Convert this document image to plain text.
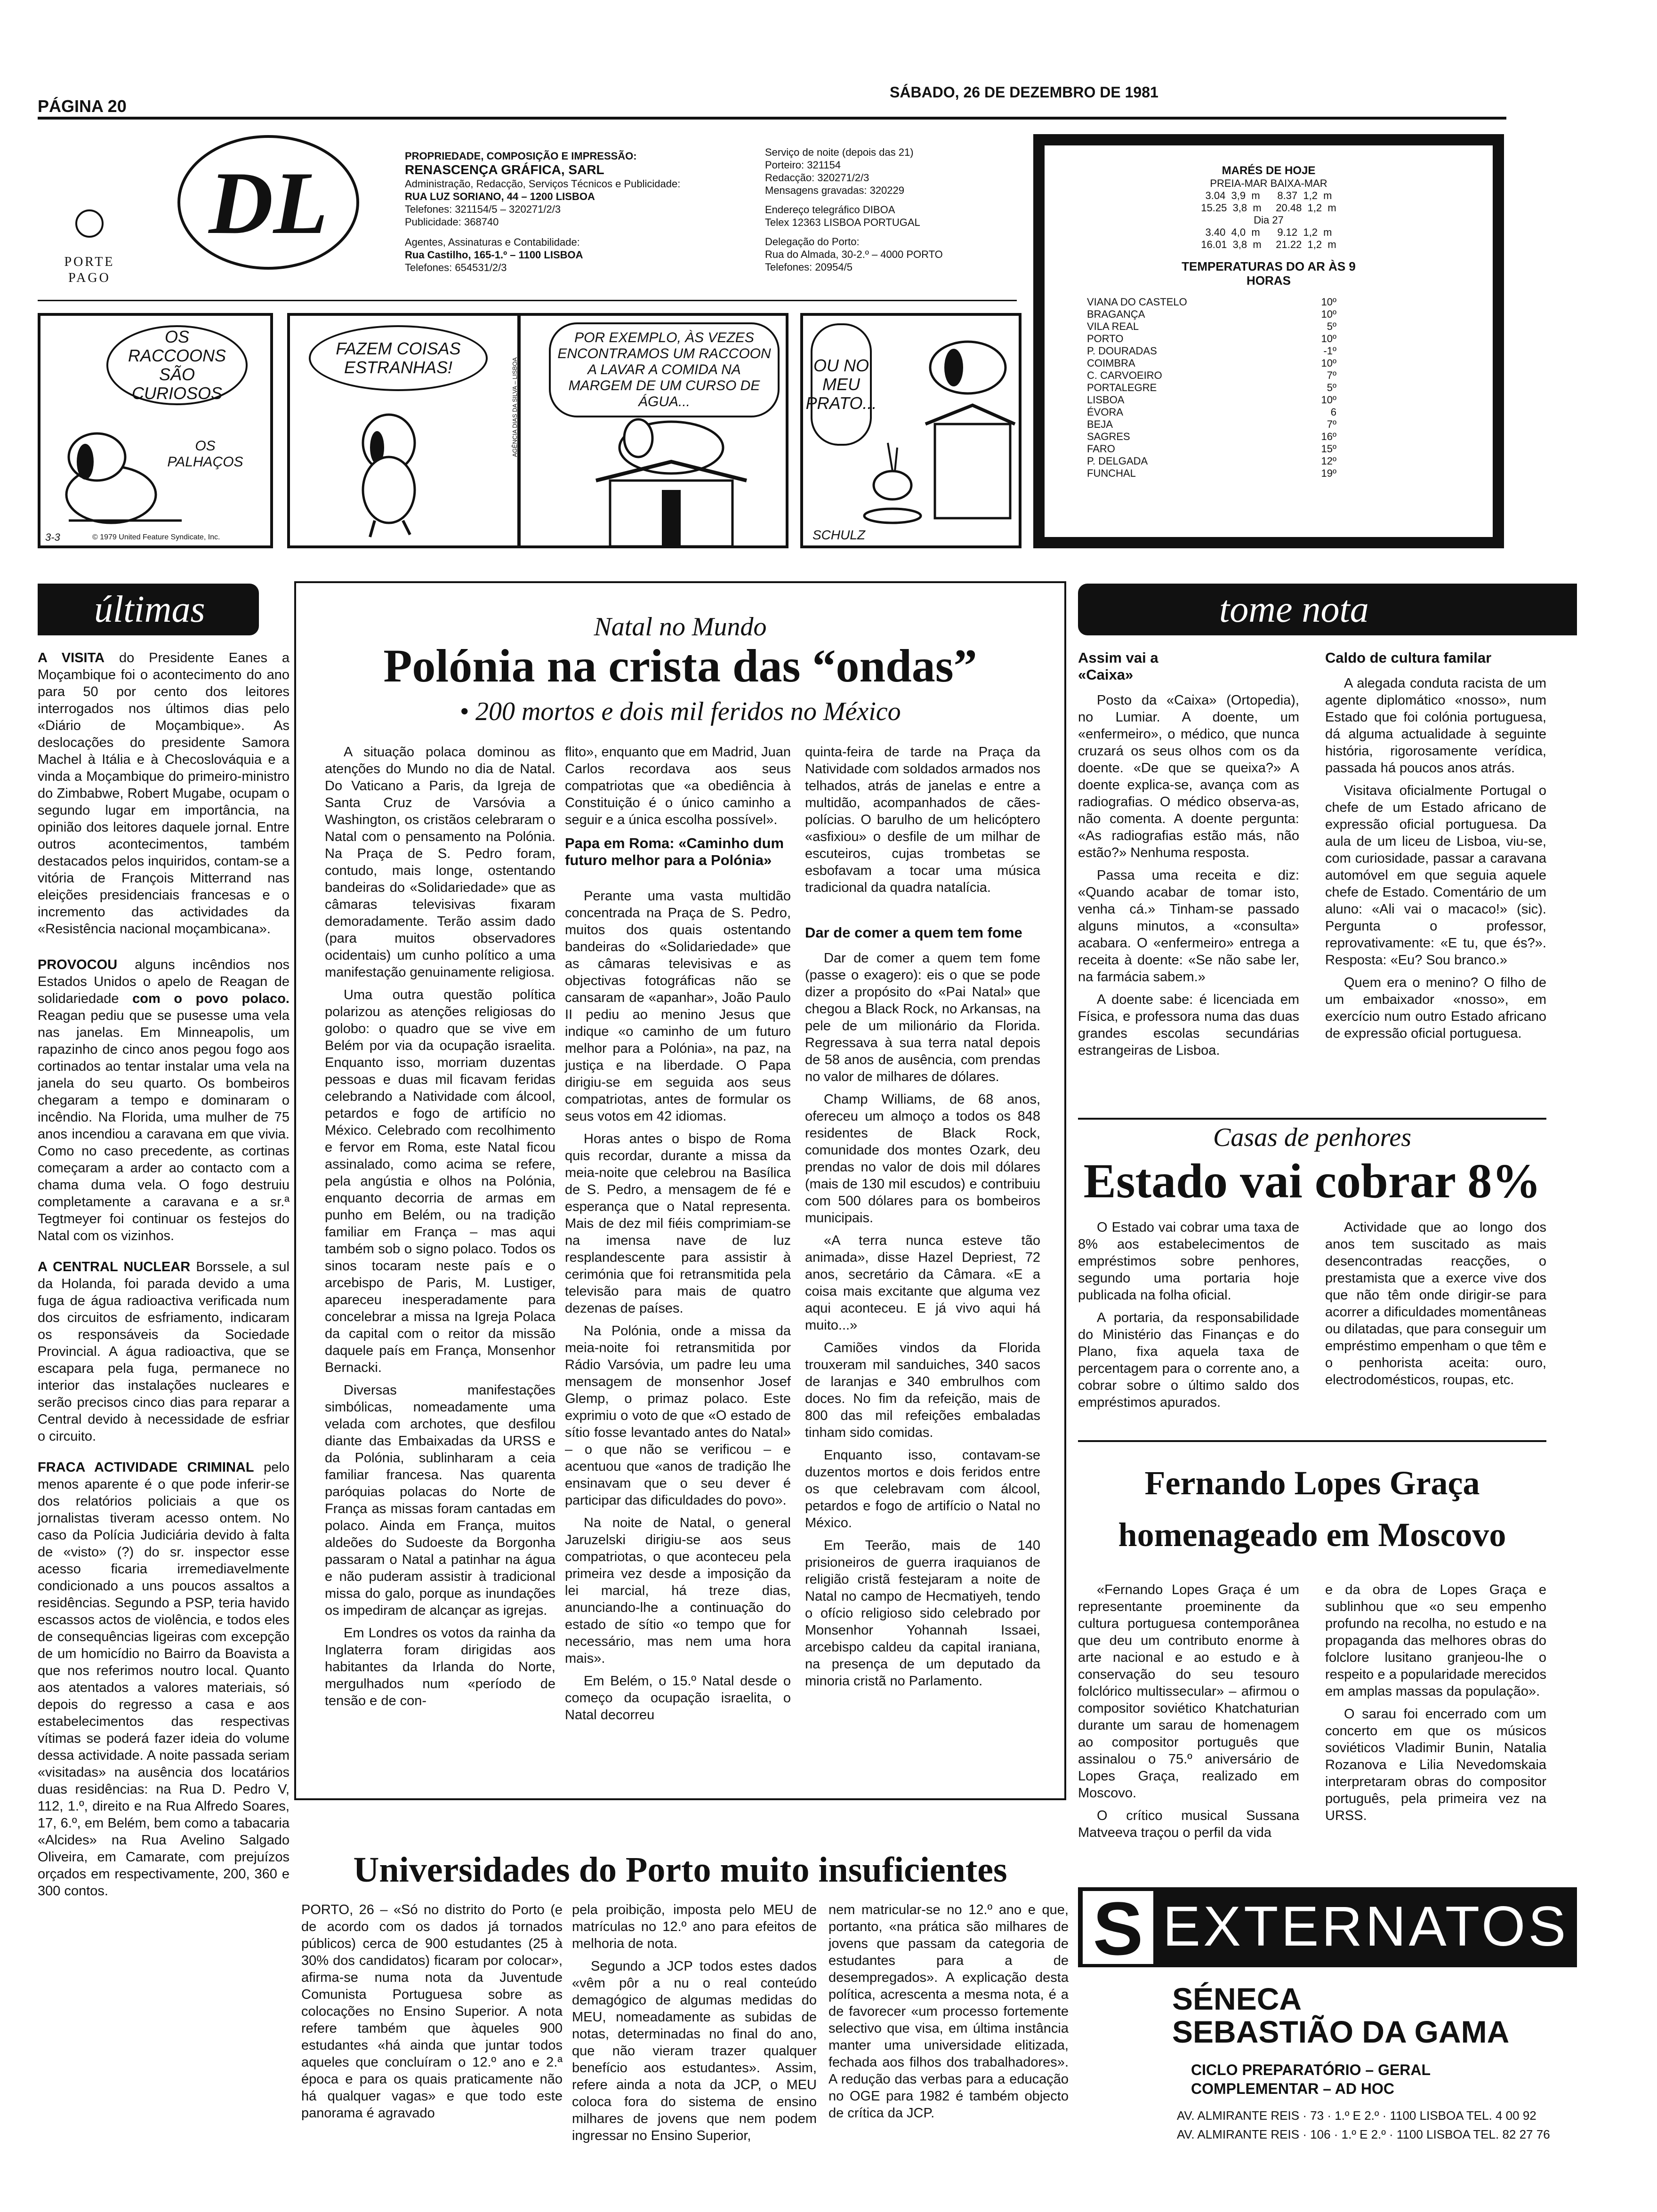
PÁGINA 20
SÁBADO, 26 DE DEZEMBRO DE 1981
DL
PORTE PAGO
PROPRIEDADE, COMPOSIÇÃO E IMPRESSÃO:
RENASCENÇA GRÁFICA, SARL
Administração, Redacção, Serviços Técnicos e Publicidade:
RUA LUZ SORIANO, 44 – 1200 LISBOA
Telefones: 321154/5 – 320271/2/3
Publicidade: 368740
Agentes, Assinaturas e Contabilidade:
Rua Castilho, 165-1.º – 1100 LISBOA
Telefones: 654531/2/3
Serviço de noite (depois das 21)
Porteiro: 321154
Redacção: 320271/2/3
Mensagens gravadas: 320229
Endereço telegráfico DIBOA
Telex 12363 LISBOA PORTUGAL
Delegação do Porto:
Rua do Almada, 30-2.º – 4000 PORTO
Telefones: 20954/5
MARÉS DE HOJE
PREIA-MAR BAIXA-MAR
3.04  3,9  m      8.37  1,2  m
15.25  3,8  m     20.48  1,2  m
Dia 27
3.40  4,0  m      9.12  1,2  m
16.01  3,8  m     21.22  1,2  m
TEMPERATURAS DO AR ÀS 9 HORAS
VIANA DO CASTELO	10º
BRAGANÇA	10º
VILA REAL	5º
PORTO	10º
P. DOURADAS	-1º
COIMBRA	10º
C. CARVOEIRO	7º
PORTALEGRE	5º
LISBOA	10º
ÉVORA	6
BEJA	7º
SAGRES	16º
FARO	15º
P. DELGADA	12º
FUNCHAL	19º
OS RACCOONS SÃO CURIOSOS
OS PALHAÇOS
3-3	© 1979 United Feature Syndicate, Inc.
FAZEM COISAS ESTRANHAS!
POR EXEMPLO, ÀS VEZES ENCONTRAMOS UM RACCOON A LAVAR A COMIDA NA MARGEM DE UM CURSO DE ÁGUA...
AGÊNCIA DIAS DA SILVA – LISBOA	OU NO MEU PRATO...
SCHULZ
últimas

A VISITA do Presidente Eanes a Moçambique foi o acontecimento do ano para 50 por cento dos leitores interrogados nos últimos dias pelo «Diário de Moçambique». As deslocações do presidente Samora Machel à Itália e à Checoslováquia e a vinda a Moçambique do primeiro-ministro do Zimbabwe, Robert Mugabe, ocupam o segundo lugar em importância, na opinião dos leitores daquele jornal. Entre outros acontecimentos, também destacados pelos inquiridos, contam-se a vitória de François Mitterrand nas eleições presidenciais francesas e o incremento das actividades da «Resistência nacional moçambicana».

PROVOCOU alguns incêndios nos Estados Unidos o apelo de Reagan de solidariedade com o povo polaco. Reagan pediu que se pusesse uma vela nas janelas. Em Minneapolis, um rapazinho de cinco anos pegou fogo aos cortinados ao tentar instalar uma vela na janela do seu quarto. Os bombeiros chegaram a tempo e dominaram o incêndio. Na Florida, uma mulher de 75 anos incendiou a caravana em que vivia. Como no caso precedente, as cortinas começaram a arder ao contacto com a chama duma vela. O fogo destruiu completamente a caravana e a sr.ª Tegtmeyer foi continuar os festejos do Natal com os vizinhos.

A CENTRAL NUCLEAR Borssele, a sul da Holanda, foi parada devido a uma fuga de água radioactiva verificada num dos circuitos de esfriamento, indicaram os responsáveis da Sociedade Provincial. A água radioactiva, que se escapara pela fuga, permanece no interior das instalações nucleares e serão precisos cinco dias para reparar a Central devido à necessidade de esfriar o circuito.

FRACA ACTIVIDADE CRIMINAL pelo menos aparente é o que pode inferir-se dos relatórios policiais a que os jornalistas tiveram acesso ontem. No caso da Polícia Judiciária devido à falta de «visto» (?) do sr. inspector esse acesso ficaria irremediavelmente condicionado a uns poucos assaltos a residências. Segundo a PSP, teria havido escassos actos de violência, e todos eles de consequências ligeiras com excepção de um homicídio no Bairro da Boavista a que nos referimos noutro local. Quanto aos atentados a valores materiais, só depois do regresso a casa e aos estabelecimentos das respectivas vítimas se poderá fazer ideia do volume dessa actividade. A noite passada seriam «visitadas» na ausência dos locatários duas residências: na Rua D. Pedro V, 112, 1.º, direito e na Rua Alfredo Soares, 17, 6.º, em Belém, bem como a tabacaria «Alcides» na Rua Avelino Salgado Oliveira, em Camarate, com prejuízos orçados em respectivamente, 200, 360 e 300 contos.

Natal no Mundo
Polónia na crista das “ondas”
• 200 mortos e dois mil feridos no México

A situação polaca dominou as atenções do Mundo no dia de Natal. Do Vaticano a Paris, da Igreja de Santa Cruz de Varsóvia a Washington, os cristãos celebraram o Natal com o pensamento na Polónia. Na Praça de S. Pedro foram, contudo, mais longe, ostentando bandeiras do «Solidariedade» que as câmaras televisivas fixaram demoradamente. Terão assim dado (para muitos observadores ocidentais) um cunho político a uma manifestação genuinamente religiosa.

Uma outra questão política polarizou as atenções religiosas do golobo: o quadro que se vive em Belém por via da ocupação israelita. Enquanto isso, morriam duzentas pessoas e duas mil ficavam feridas celebrando a Natividade com álcool, petardos e fogo de artifício no México. Celebrado com recolhimento e fervor em Roma, este Natal ficou assinalado, como acima se refere, pela angústia e olhos na Polónia, enquanto decorria de armas em punho em Belém, ou na tradição familiar em França – mas aqui também sob o signo polaco. Todos os sinos tocaram neste país e o arcebispo de Paris, M. Lustiger, apareceu inesperadamente para concelebrar a missa na Igreja Polaca da capital com o reitor da missão daquele país em França, Monsenhor Bernacki.

Diversas manifestações simbólicas, nomeadamente uma velada com archotes, que desfilou diante das Embaixadas da URSS e da Polónia, sublinharam a ceia familiar francesa. Nas quarenta paróquias polacas do Norte de França as missas foram cantadas em polaco. Ainda em França, muitos aldeões do Sudoeste da Borgonha passaram o Natal a patinhar na água e não puderam assistir à tradicional missa do galo, porque as inundações os impediram de alcançar as igrejas.

Em Londres os votos da rainha da Inglaterra foram dirigidas aos habitantes da Irlanda do Norte, mergulhados num «período de tensão e de con-

flito», enquanto que em Madrid, Juan Carlos recordava aos seus compatriotas que «a obediência à Constituição é o único caminho a seguir e a única escolha possível».

Papa em Roma: «Caminho dum futuro melhor para a Polónia»

Perante uma vasta multidão concentrada na Praça de S. Pedro, muitos dos quais ostentando bandeiras do «Solidariedade» que as câmaras televisivas e as objectivas fotográficas não se cansaram de «apanhar», João Paulo II pediu ao menino Jesus que indique «o caminho de um futuro melhor para a Polónia», na paz, na justiça e na liberdade. O Papa dirigiu-se em seguida aos seus compatriotas, antes de formular os seus votos em 42 idiomas.

Horas antes o bispo de Roma quis recordar, durante a missa da meia-noite que celebrou na Basílica de S. Pedro, a mensagem de fé e esperança que o Natal representa. Mais de dez mil fiéis comprimiam-se na imensa nave de luz resplandescente para assistir à cerimónia que foi retransmitida pela televisão para mais de quatro dezenas de países.

Na Polónia, onde a missa da meia-noite foi retransmitida por Rádio Varsóvia, um padre leu uma mensagem de monsenhor Josef Glemp, o primaz polaco. Este exprimiu o voto de que «O estado de sítio fosse levantado antes do Natal» – o que não se verificou – e acentuou que «anos de tradição lhe ensinavam que o seu dever é participar das dificuldades do povo».

Na noite de Natal, o general Jaruzelski dirigiu-se aos seus compatriotas, o que aconteceu pela primeira vez desde a imposição da lei marcial, há treze dias, anunciando-lhe a continuação do estado de sítio «o tempo que for necessário, mas nem uma hora mais».

Em Belém, o 15.º Natal desde o começo da ocupação israelita, o Natal decorreu

quinta-feira de tarde na Praça da Natividade com soldados armados nos telhados, atrás de janelas e entre a multidão, acompanhados de cães-polícias. O barulho de um helicóptero «asfixiou» o desfile de um milhar de escuteiros, cujas trombetas se esbofavam a tocar uma música tradicional da quadra natalícia.

Dar de comer a quem tem fome

Dar de comer a quem tem fome (passe o exagero): eis o que se pode dizer a propósito do «Pai Natal» que chegou a Black Rock, no Arkansas, na pele de um milionário da Florida. Regressava à sua terra natal depois de 58 anos de ausência, com prendas no valor de milhares de dólares.

Champ Williams, de 68 anos, ofereceu um almoço a todos os 848 residentes de Black Rock, comunidade dos montes Ozark, deu prendas no valor de dois mil dólares (mais de 130 mil escudos) e contribuiu com 500 dólares para os bombeiros municipais.

«A terra nunca esteve tão animada», disse Hazel Depriest, 72 anos, secretário da Câmara. «E a coisa mais excitante que alguma vez aqui aconteceu. E já vivo aqui há muito...»

Camiões vindos da Florida trouxeram mil sanduiches, 340 sacos de laranjas e 340 embrulhos com doces. No fim da refeição, mais de 800 das mil refeições embaladas tinham sido comidas.

Enquanto isso, contavam-se duzentos mortos e dois feridos entre os que celebravam com álcool, petardos e fogo de artifício o Natal no México.

Em Teerão, mais de 140 prisioneiros de guerra iraquianos de religião cristã festejaram a noite de Natal no campo de Hecmatiyeh, tendo o ofício religioso sido celebrado por Monsenhor Yohannah Issaei, arcebispo caldeu da capital iraniana, na presença de um deputado da minoria cristã no Parlamento.

tome nota
Assim vai a «Caixa»

Posto da «Caixa» (Ortopedia), no Lumiar. A doente, um «enfermeiro», o médico, que nunca cruzará os seus olhos com os da doente. «De que se queixa?» A doente explica-se, avança com as radiografias. O médico observa-as, não comenta. A doente pergunta: «As radiografias estão más, não estão?» Nenhuma resposta.

Passa uma receita e diz: «Quando acabar de tomar isto, venha cá.» Tinham-se passado alguns minutos, a «consulta» acabara. O «enfermeiro» entrega a receita à doente: «Se não sabe ler, na farmácia sabem.»

A doente sabe: é licenciada em Física, e professora numa das duas grandes escolas secundárias estrangeiras de Lisboa.

Caldo de cultura familar

A alegada conduta racista de um agente diplomático «nosso», num Estado que foi colónia portuguesa, dá alguma actualidade à seguinte história, rigorosamente verídica, passada há poucos anos atrás.

Visitava oficialmente Portugal o chefe de um Estado africano de expressão oficial portuguesa. Da aula de um liceu de Lisboa, viu-se, com curiosidade, passar a caravana automóvel em que seguia aquele chefe de Estado. Comentário de um aluno: «Ali vai o macaco!» (sic). Pergunta o professor, reprovativamente: «E tu, que és?». Resposta: «Eu? Sou branco.»

Quem era o menino? O filho de um embaixador «nosso», em exercício num outro Estado africano de expressão oficial portuguesa.

Casas de penhores
Estado vai cobrar 8%

O Estado vai cobrar uma taxa de 8% aos estabelecimentos de empréstimos sobre penhores, segundo uma portaria hoje publicada na folha oficial.

A portaria, da responsabilidade do Ministério das Finanças e do Plano, fixa aquela taxa de percentagem para o corrente ano, a cobrar sobre o último saldo dos empréstimos apurados.

Actividade que ao longo dos anos tem suscitado as mais desencontradas reacções, o prestamista que a exerce vive dos que não têm onde dirigir-se para acorrer a dificuldades momentâneas ou dilatadas, que para conseguir um empréstimo empenham o que têm e o penhorista aceita: ouro, electrodomésticos, roupas, etc.

Fernando Lopes Graça
homenageado em Moscovo

«Fernando Lopes Graça é um representante proeminente da cultura portuguesa contemporânea que deu um contributo enorme à arte nacional e ao estudo e à conservação do seu tesouro folclórico multissecular» – afirmou o compositor soviético Khatchaturian durante um sarau de homenagem ao compositor português que assinalou o 75.º aniversário de Lopes Graça, realizado em Moscovo.

O crítico musical Sussana Matveeva traçou o perfil da vida

e da obra de Lopes Graça e sublinhou que «o seu empenho profundo na recolha, no estudo e na propaganda das melhores obras do folclore lusitano granjeou-lhe o respeito e a popularidade merecidos em amplas massas da população».

O sarau foi encerrado com um concerto em que os músicos soviéticos Vladimir Bunin, Natalia Rozanova e Lilia Nevedomskaia interpretaram obras do compositor português, pela primeira vez na URSS.

Universidades do Porto muito insuficientes

PORTO, 26 – «Só no distrito do Porto (e de acordo com os dados já tornados públicos) cerca de 900 estudantes (25 à 30% dos candidatos) ficaram por colocar», afirma-se numa nota da Juventude Comunista Portuguesa sobre as colocações no Ensino Superior. A nota refere também que àqueles 900 estudantes «há ainda que juntar todos aqueles que concluíram o 12.º ano e 2.ª época e para os quais praticamente não há qualquer vagas» e que todo este panorama é agravado

pela proibição, imposta pelo MEU de matrículas no 12.º ano para efeitos de melhoria de nota.

Segundo a JCP todos estes dados «vêm pôr a nu o real conteúdo demagógico de algumas medidas do MEU, nomeadamente as subidas de notas, determinadas no final do ano, que não vieram trazer qualquer benefício aos estudantes». Assim, refere ainda a nota da JCP, o MEU coloca fora do sistema de ensino milhares de jovens que nem podem ingressar no Ensino Superior,

nem matricular-se no 12.º ano e que, portanto, «na prática são milhares de jovens que passam da categoria de estudantes para a de desempregados». A explicação desta política, acrescenta a mesma nota, é a de favorecer «um processo fortemente selectivo que visa, em última instância manter uma universidade elitizada, fechada aos filhos dos trabalhadores». A redução das verbas para a educação no OGE para 1982 é também objecto de crítica da JCP.

S EXTERNATOS
SÉNECA
SEBASTIÃO DA GAMA
CICLO PREPARATÓRIO – GERAL
COMPLEMENTAR – AD HOC
AV. ALMIRANTE REIS · 73 · 1.º E 2.º · 1100 LISBOA TEL. 4 00 92
AV. ALMIRANTE REIS · 106 · 1.º E 2.º · 1100 LISBOA TEL. 82 27 76
